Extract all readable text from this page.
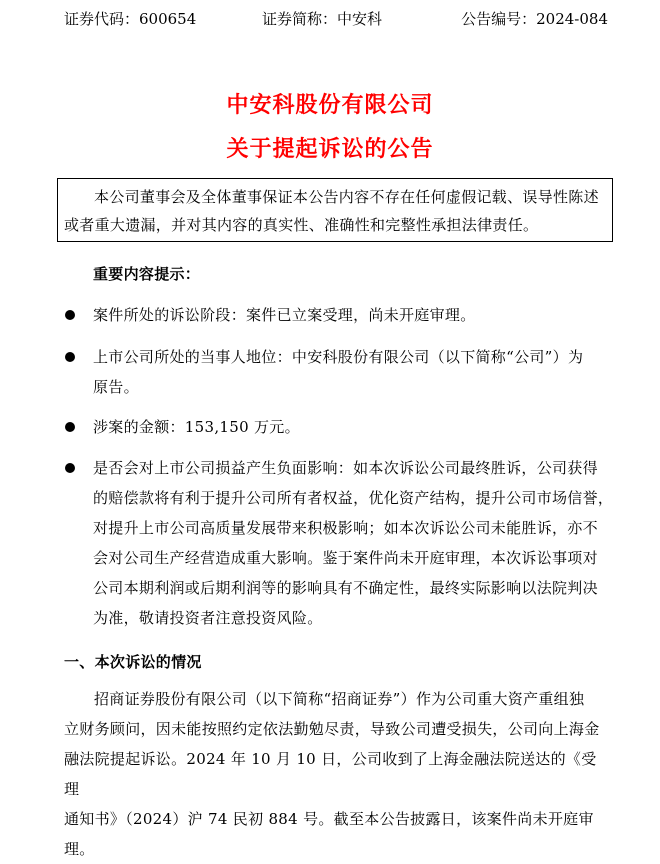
证券代码：600654	证券简称：中安科	公告编号：2024-084
中安科股份有限公司
关于提起诉讼的公告

本公司董事会及全体董事保证本公告内容不存在任何虚假记载、误导性陈述

或者重大遗漏，并对其内容的真实性、准确性和完整性承担法律责任。

重要内容提示：

案件所处的诉讼阶段：案件已立案受理，尚未开庭审理。

上市公司所处的当事人地位：中安科股份有限公司（以下简称“公司”）为

原告。

涉案的金额：153,150 万元。

是否会对上市公司损益产生负面影响：如本次诉讼公司最终胜诉，公司获得

的赔偿款将有利于提升公司所有者权益，优化资产结构，提升公司市场信誉，

对提升上市公司高质量发展带来积极影响；如本次诉讼公司未能胜诉，亦不

会对公司生产经营造成重大影响。鉴于案件尚未开庭审理，本次诉讼事项对

公司本期利润或后期利润等的影响具有不确定性，最终实际影响以法院判决

为准，敬请投资者注意投资风险。

一、本次诉讼的情况

招商证券股份有限公司（以下简称“招商证券”）作为公司重大资产重组独

立财务顾问，因未能按照约定依法勤勉尽责，导致公司遭受损失，公司向上海金

融法院提起诉讼。2024 年 10 月 10 日，公司收到了上海金融法院送达的《受理

通知书》（2024）沪 74 民初 884 号。截至本公告披露日，该案件尚未开庭审理。
